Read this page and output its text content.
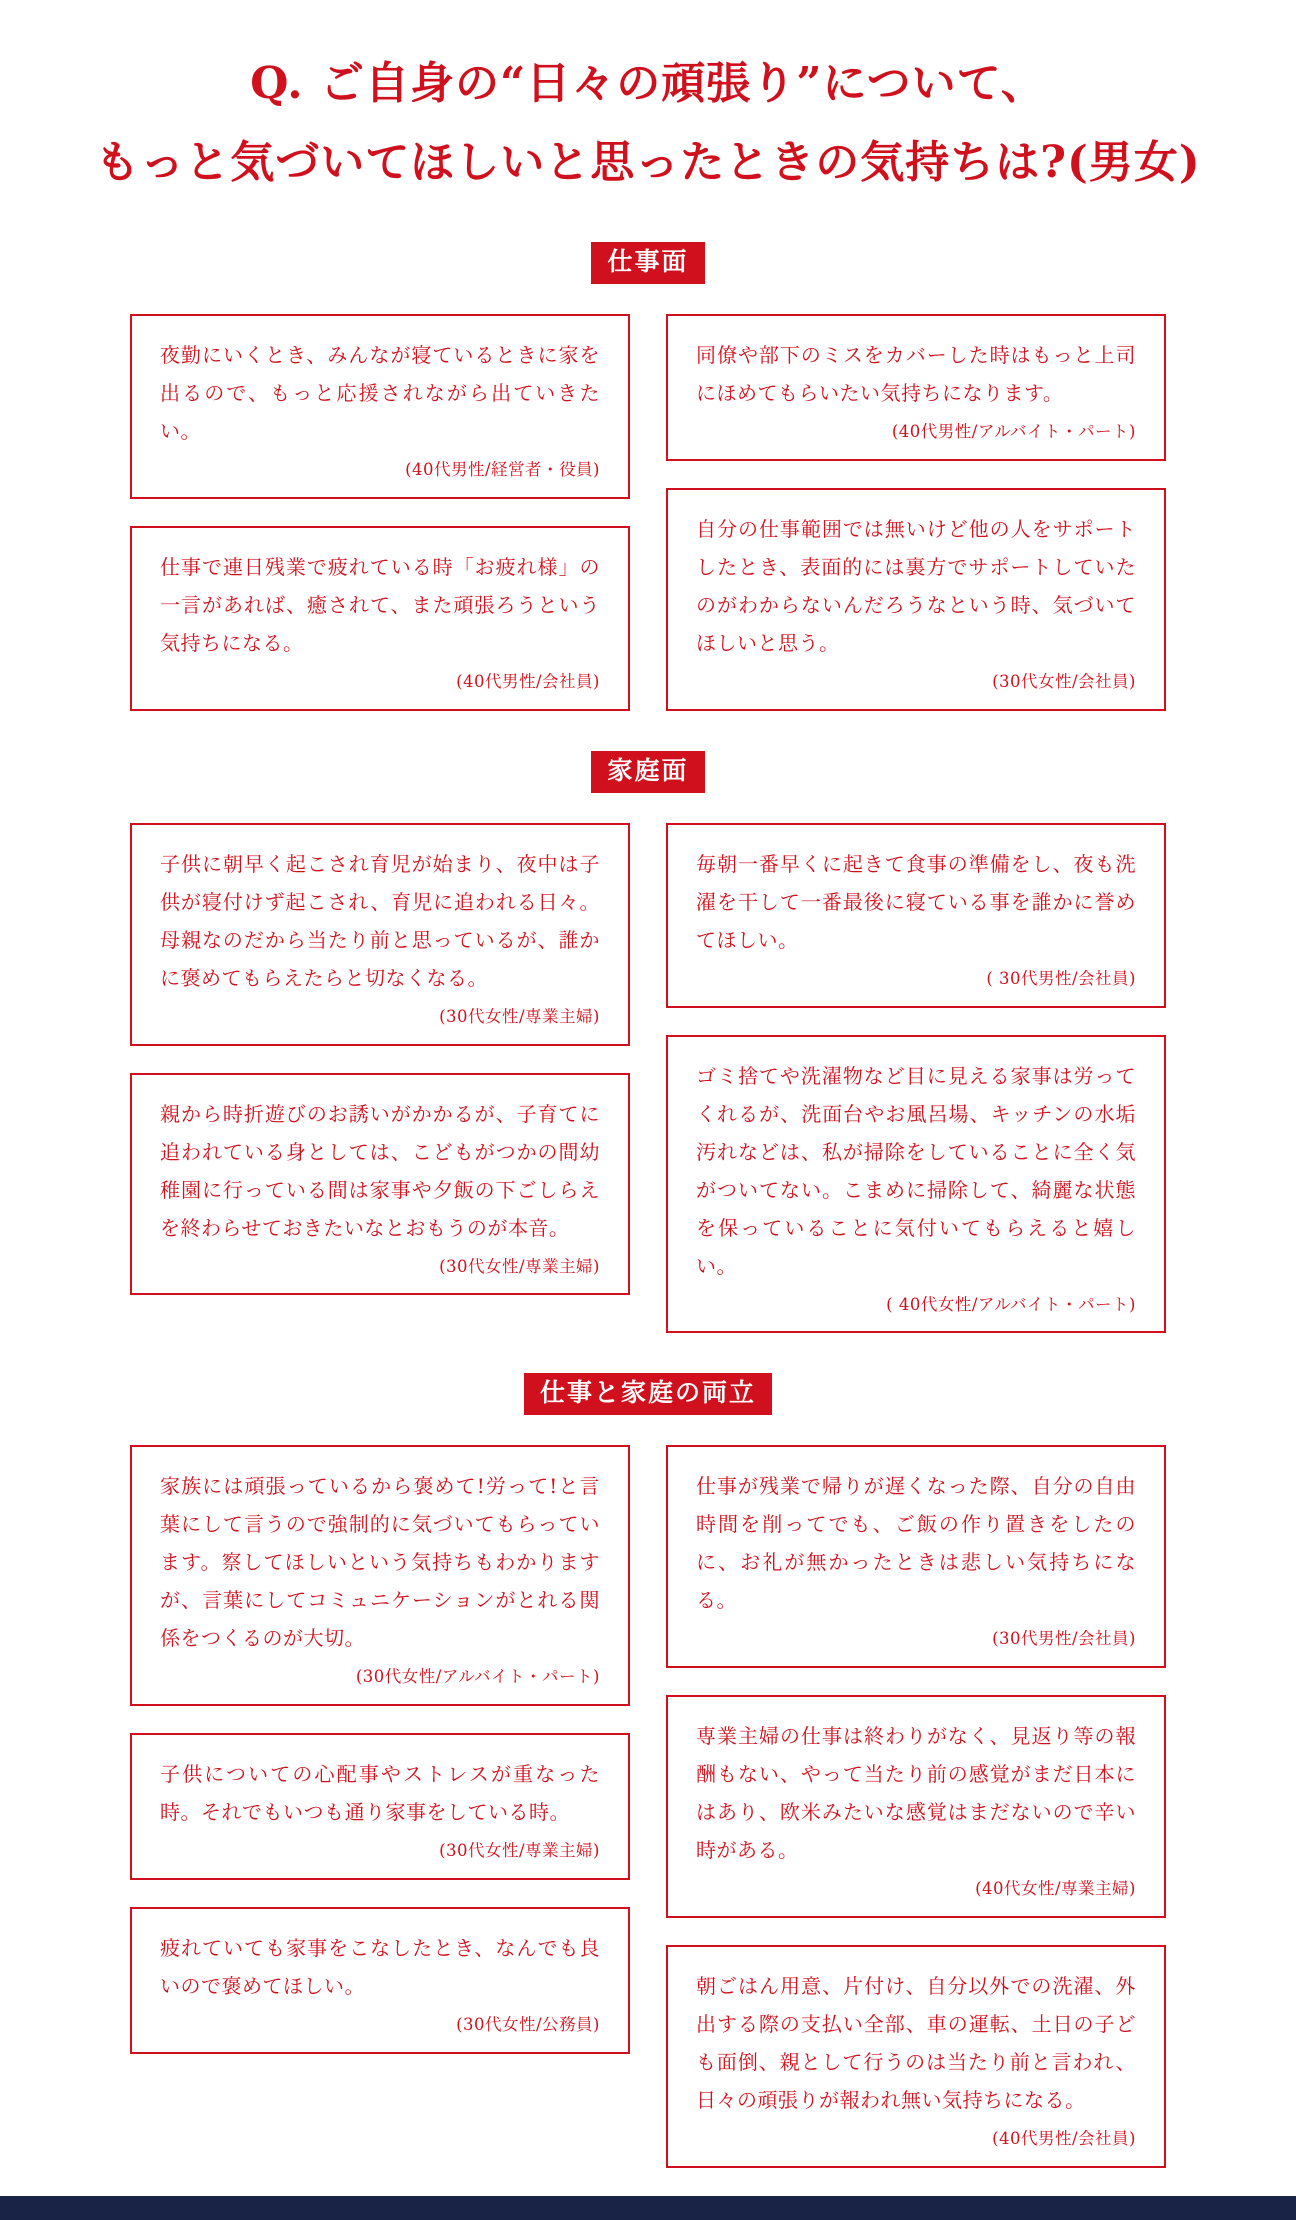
Q. ご自身の“日々の頑張り”について、
もっと気づいてほしいと思ったときの気持ちは?(男女)
仕事面

夜勤にいくとき、みんなが寝ているときに家を出るので、もっと応援されながら出ていきたい。

(40代男性/経営者・役員)

仕事で連日残業で疲れている時「お疲れ様」の一言があれば、癒されて、また頑張ろうという気持ちになる。

(40代男性/会社員)

同僚や部下のミスをカバーした時はもっと上司にほめてもらいたい気持ちになります。

(40代男性/アルバイト・パート)

自分の仕事範囲では無いけど他の人をサポートしたとき、表面的には裏方でサポートしていたのがわからないんだろうなという時、気づいてほしいと思う。

(30代女性/会社員)

家庭面

子供に朝早く起こされ育児が始まり、夜中は子供が寝付けず起こされ、育児に追われる日々。母親なのだから当たり前と思っているが、誰かに褒めてもらえたらと切なくなる。

(30代女性/専業主婦)

親から時折遊びのお誘いがかかるが、子育てに追われている身としては、こどもがつかの間幼稚園に行っている間は家事や夕飯の下ごしらえを終わらせておきたいなとおもうのが本音。

(30代女性/専業主婦)

毎朝一番早くに起きて食事の準備をし、夜も洗濯を干して一番最後に寝ている事を誰かに誉めてほしい。

( 30代男性/会社員)

ゴミ捨てや洗濯物など目に見える家事は労ってくれるが、洗面台やお風呂場、キッチンの水垢汚れなどは、私が掃除をしていることに全く気がついてない。こまめに掃除して、綺麗な状態を保っていることに気付いてもらえると嬉しい。

( 40代女性/アルバイト・パート)

仕事と家庭の両立

家族には頑張っているから褒めて!労って!と言葉にして言うので強制的に気づいてもらっています。察してほしいという気持ちもわかりますが、言葉にしてコミュニケーションがとれる関係をつくるのが大切。

(30代女性/アルバイト・パート)

子供についての心配事やストレスが重なった時。それでもいつも通り家事をしている時。

(30代女性/専業主婦)

疲れていても家事をこなしたとき、なんでも良いので褒めてほしい。

(30代女性/公務員)

仕事が残業で帰りが遅くなった際、自分の自由時間を削ってでも、ご飯の作り置きをしたのに、お礼が無かったときは悲しい気持ちになる。

(30代男性/会社員)

専業主婦の仕事は終わりがなく、見返り等の報酬もない、やって当たり前の感覚がまだ日本にはあり、欧米みたいな感覚はまだないので辛い時がある。

(40代女性/専業主婦)

朝ごはん用意、片付け、自分以外での洗濯、外出する際の支払い全部、車の運転、土日の子ども面倒、親として行うのは当たり前と言われ、日々の頑張りが報われ無い気持ちになる。

(40代男性/会社員)
